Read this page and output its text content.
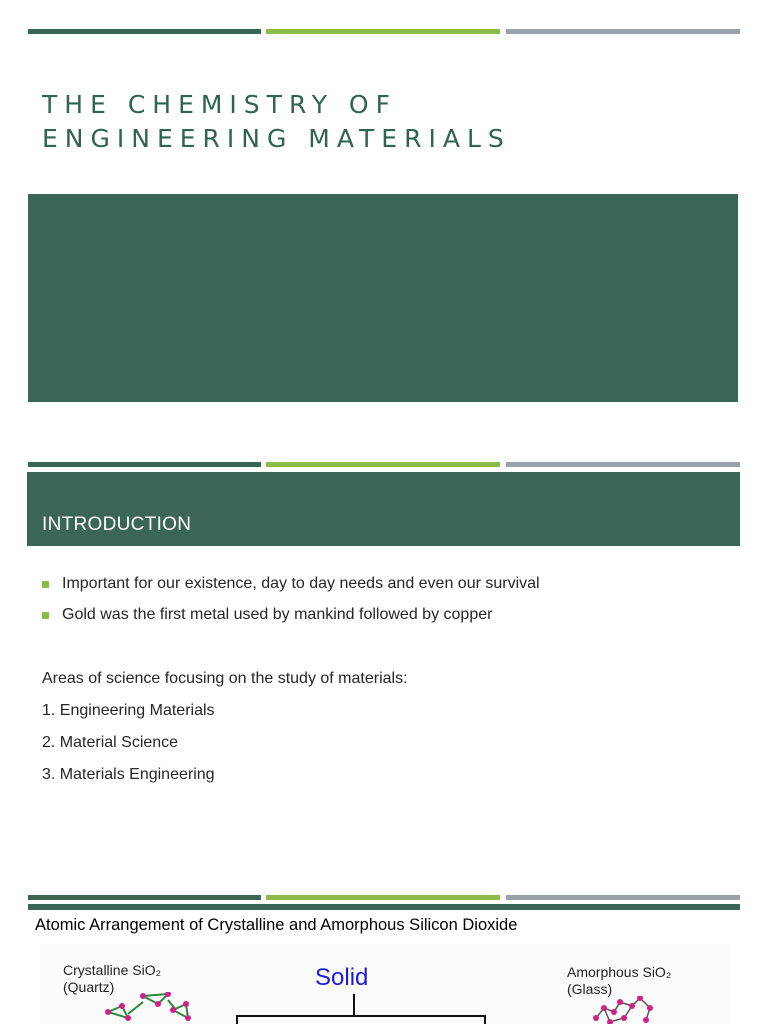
THE CHEMISTRY OF
ENGINEERING MATERIALS
INTRODUCTION
Important for our existence, day to day needs and even our survival
Gold was the first metal used by mankind followed by copper
Areas of science focusing on the study of materials:
1. Engineering Materials
2. Material Science
3. Materials Engineering
Atomic Arrangement of Crystalline and Amorphous Silicon Dioxide
Crystalline SiO₂
(Quartz)	Solid	Amorphous SiO₂
(Glass)
